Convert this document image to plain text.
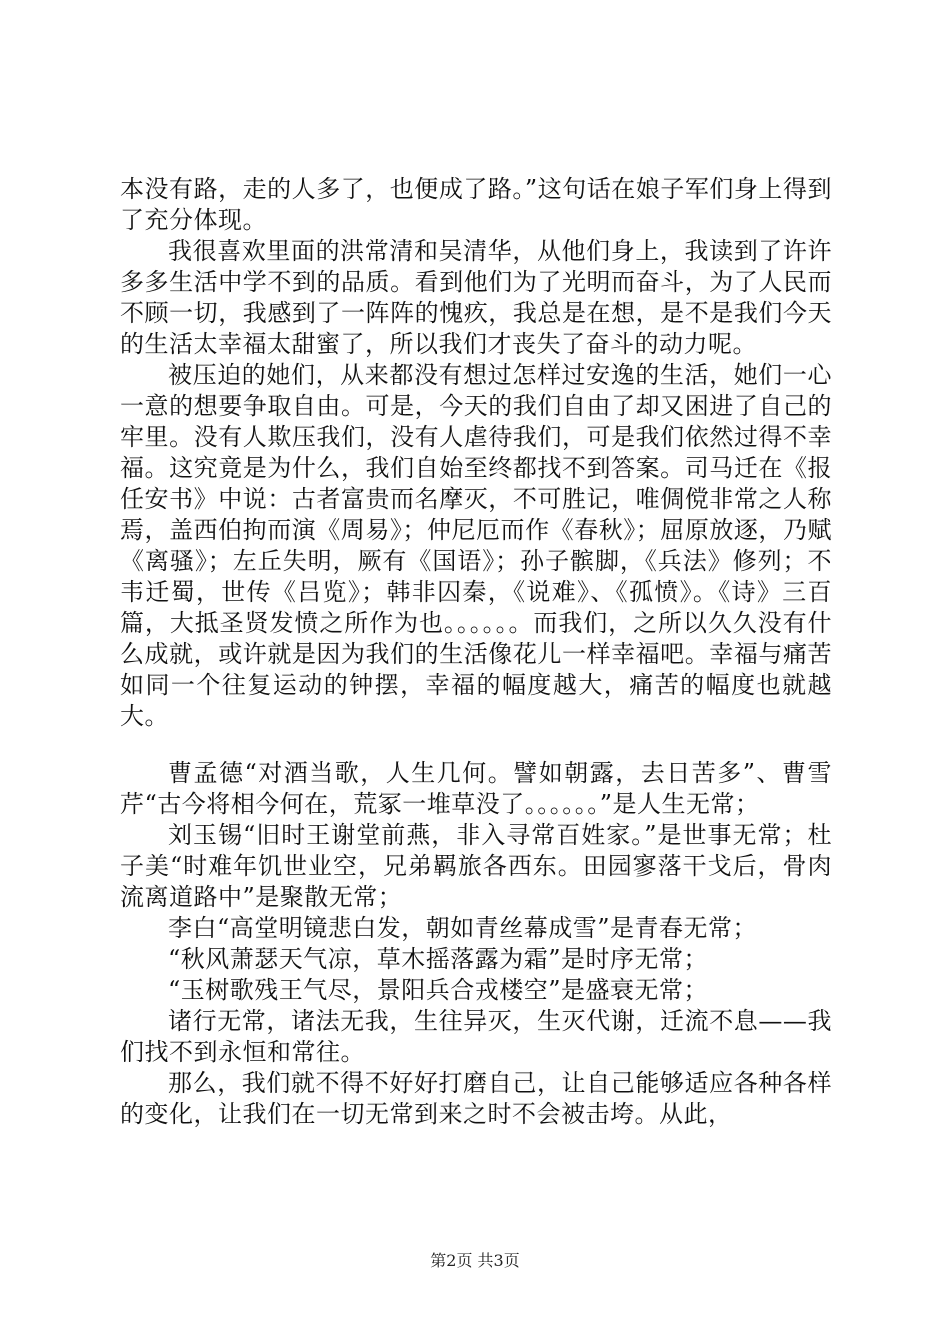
本没有路，走的人多了，也便成了路。”这句话在娘子军们身上得到了充分体现。

我很喜欢里面的洪常清和吴清华，从他们身上，我读到了许许多多生活中学不到的品质。看到他们为了光明而奋斗，为了人民而不顾一切，我感到了一阵阵的愧疚，我总是在想，是不是我们今天的生活太幸福太甜蜜了，所以我们才丧失了奋斗的动力呢。

被压迫的她们，从来都没有想过怎样过安逸的生活，她们一心一意的想要争取自由。可是，今天的我们自由了却又困进了自己的牢里。没有人欺压我们，没有人虐待我们，可是我们依然过得不幸福。这究竟是为什么，我们自始至终都找不到答案。司马迁在《报任安书》中说：古者富贵而名摩灭，不可胜记，唯倜傥非常之人称焉，盖西伯拘而演《周易》；仲尼厄而作《春秋》；屈原放逐，乃赋《离骚》；左丘失明，厥有《国语》；孙子髌脚，《兵法》修列；不韦迁蜀，世传《吕览》；韩非囚秦，《说难》、《孤愤》。《诗》三百篇，大抵圣贤发愤之所作为也。。。。。。而我们，之所以久久没有什么成就，或许就是因为我们的生活像花儿一样幸福吧。幸福与痛苦如同一个往复运动的钟摆，幸福的幅度越大，痛苦的幅度也就越大。

曹孟德“对酒当歌，人生几何。譬如朝露，去日苦多”、曹雪芹“古今将相今何在，荒冢一堆草没了。。。。。。”是人生无常；

刘玉锡“旧时王谢堂前燕，非入寻常百姓家。”是世事无常；杜子美“时难年饥世业空，兄弟羁旅各西东。田园寥落干戈后，骨肉流离道路中”是聚散无常；

李白“高堂明镜悲白发，朝如青丝幕成雪”是青春无常；

“秋风萧瑟天气凉，草木摇落露为霜”是时序无常；

“玉树歌残王气尽，景阳兵合戎楼空”是盛衰无常；

诸行无常，诸法无我，生往异灭，生灭代谢，迁流不息——我们找不到永恒和常往。

那么，我们就不得不好好打磨自己，让自己能够适应各种各样的变化，让我们在一切无常到来之时不会被击垮。从此，

第2页 共3页
